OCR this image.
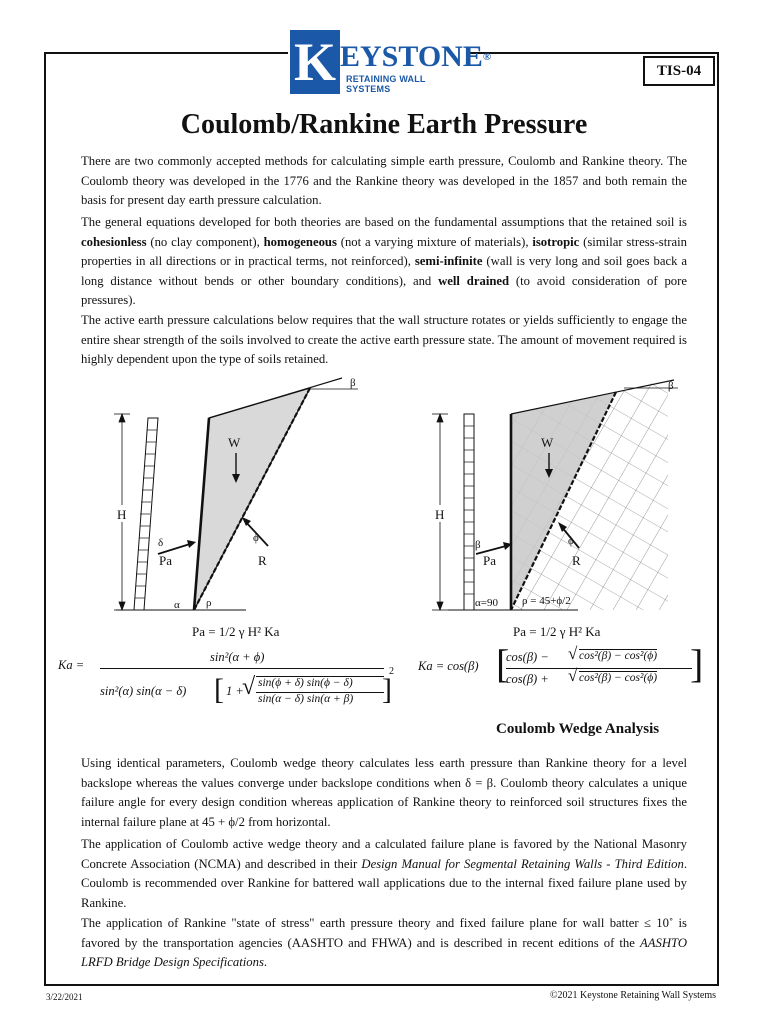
K EYSTONE®
RETAINING WALL SYSTEMS
TIS-04
Coulomb/Rankine Earth Pressure

There are two commonly accepted methods for calculating simple earth pressure, Coulomb and Rankine theory. The Coulomb theory was developed in the 1776 and the Rankine theory was developed in the 1857 and both remain the basis for present day earth pressure calculation.

The general equations developed for both theories are based on the fundamental assumptions that the retained soil is cohesionless (no clay component), homogeneous (not a varying mixture of materials), isotropic (similar stress-strain properties in all directions or in practical terms, not reinforced), semi-infinite (wall is very long and soil goes back a long distance without bends or other boundary conditions), and well drained (to avoid consideration of pore pressures).

The active earth pressure calculations below requires that the wall structure rotates or yields sufficiently to engage the entire shear strength of the soils involved to create the active earth pressure state. The amount of movement required is highly dependent upon the type of soils retained.

β
H
W
δ
Pa	R
ϕ
α ρ
Pa = 1/2 γ H² Ka
β
H
W
β
Pa	R
ϕ
α=90 ρ = 45+ϕ/2
Pa = 1/2 γ H² Ka
Ka =
sin²(α + ϕ)
sin²(α) sin(α − δ) [ 1 +
√ sin(ϕ + δ) sin(ϕ − δ)
sin(α − δ) sin(α + β) ]
2 Ka = cos(β) [
cos(β) − √ cos²(β) − cos²(ϕ)
cos(β) + √ cos²(β) − cos²(ϕ) ]
Coulomb Wedge Analysis

Using identical parameters, Coulomb wedge theory calculates less earth pressure than Rankine theory for a level backslope whereas the values converge under backslope conditions when δ = β. Coulomb theory calculates a unique failure angle for every design condition whereas application of Rankine theory to reinforced soil structures fixes the internal failure plane at 45 + ϕ/2 from horizontal.

The application of Coulomb active wedge theory and a calculated failure plane is favored by the National Masonry Concrete Association (NCMA) and described in their Design Manual for Segmental Retaining Walls - Third Edition. Coulomb is recommended over Rankine for battered wall applications due to the internal fixed failure plane used by Rankine.

The application of Rankine "state of stress" earth pressure theory and fixed failure plane for wall batter ≤ 10˚ is favored by the transportation agencies (AASHTO and FHWA) and is described in recent editions of the AASHTO LRFD Bridge Design Specifications.

3/22/2021	©2021 Keystone Retaining Wall Systems
